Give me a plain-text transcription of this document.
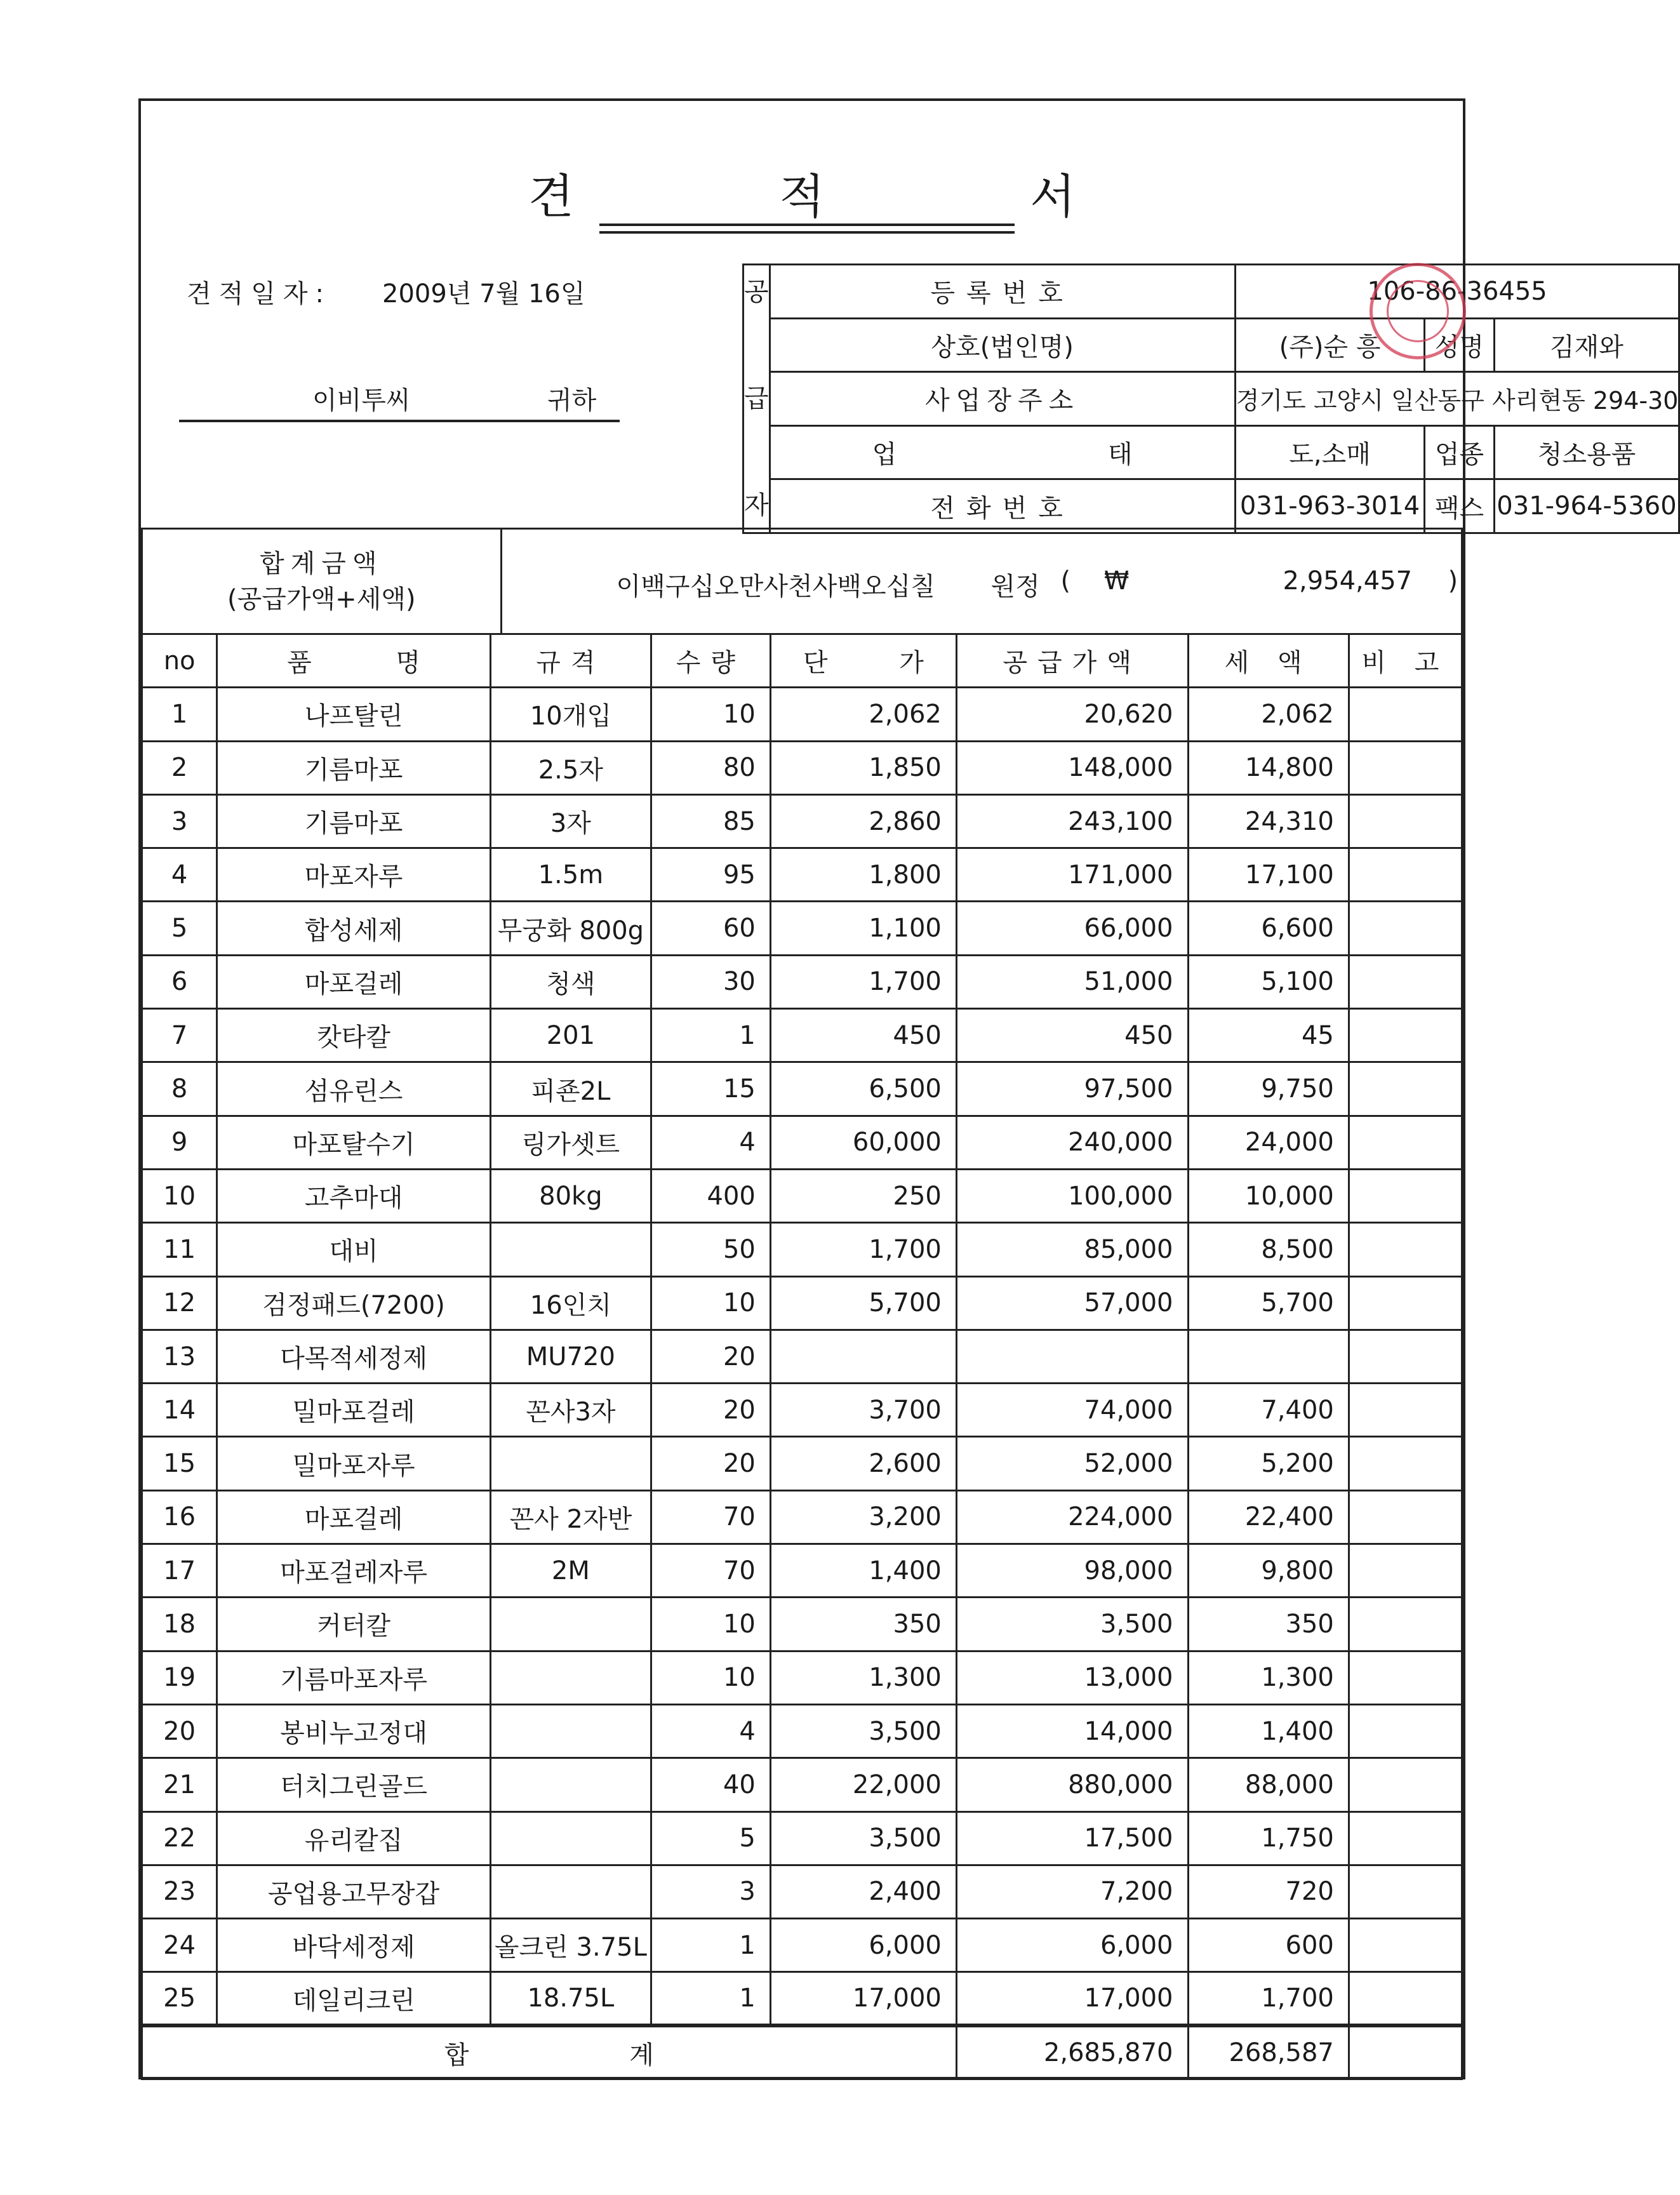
견 적 서
견적일자: 2009년 7월 16일
이비투씨	귀하
공
급
자	등록번호	106-86-36455		
	상호(법인명)	(주)순 흥	성명	김재와
	사업장주소	경기도 고양시 일산동구 사리현동 294-30		
	업 태	도,소매	업종	청소용품
	전화번호	031-963-3014	팩스	031-964-5360
합계금액
(공급가액+세액)	이백구십오만사천사백오십칠 원정 ( ₩	2,954,457 )
no	품 명	규격	수량	단 가	공급가액	세 액	비 고
1	나프탈린	10개입	10	2,062	20,620	2,062	
2	기름마포	2.5자	80	1,850	148,000	14,800	
3	기름마포	3자	85	2,860	243,100	24,310	
4	마포자루	1.5m	95	1,800	171,000	17,100	
5	합성세제	무궁화 800g	60	1,100	66,000	6,600	
6	마포걸레	청색	30	1,700	51,000	5,100	
7	캇타칼	201	1	450	450	45	
8	섬유린스	피죤2L	15	6,500	97,500	9,750	
9	마포탈수기	링가셋트	4	60,000	240,000	24,000	
10	고추마대	80kg	400	250	100,000	10,000	
11	대비		50	1,700	85,000	8,500	
12	검정패드(7200)	16인치	10	5,700	57,000	5,700	
13	다목적세정제	MU720	20				
14	밀마포걸레	꼰사3자	20	3,700	74,000	7,400	
15	밀마포자루		20	2,600	52,000	5,200	
16	마포걸레	꼰사 2자반	70	3,200	224,000	22,400	
17	마포걸레자루	2M	70	1,400	98,000	9,800	
18	커터칼		10	350	3,500	350	
19	기름마포자루		10	1,300	13,000	1,300	
20	봉비누고정대		4	3,500	14,000	1,400	
21	터치그린골드		40	22,000	880,000	88,000	
22	유리칼집		5	3,500	17,500	1,750	
23	공업용고무장갑		3	2,400	7,200	720	
24	바닥세정제	올크린 3.75L	1	6,000	6,000	600	
25	데일리크린	18.75L	1	17,000	17,000	1,700	
합 계					2,685,870	268,587	
